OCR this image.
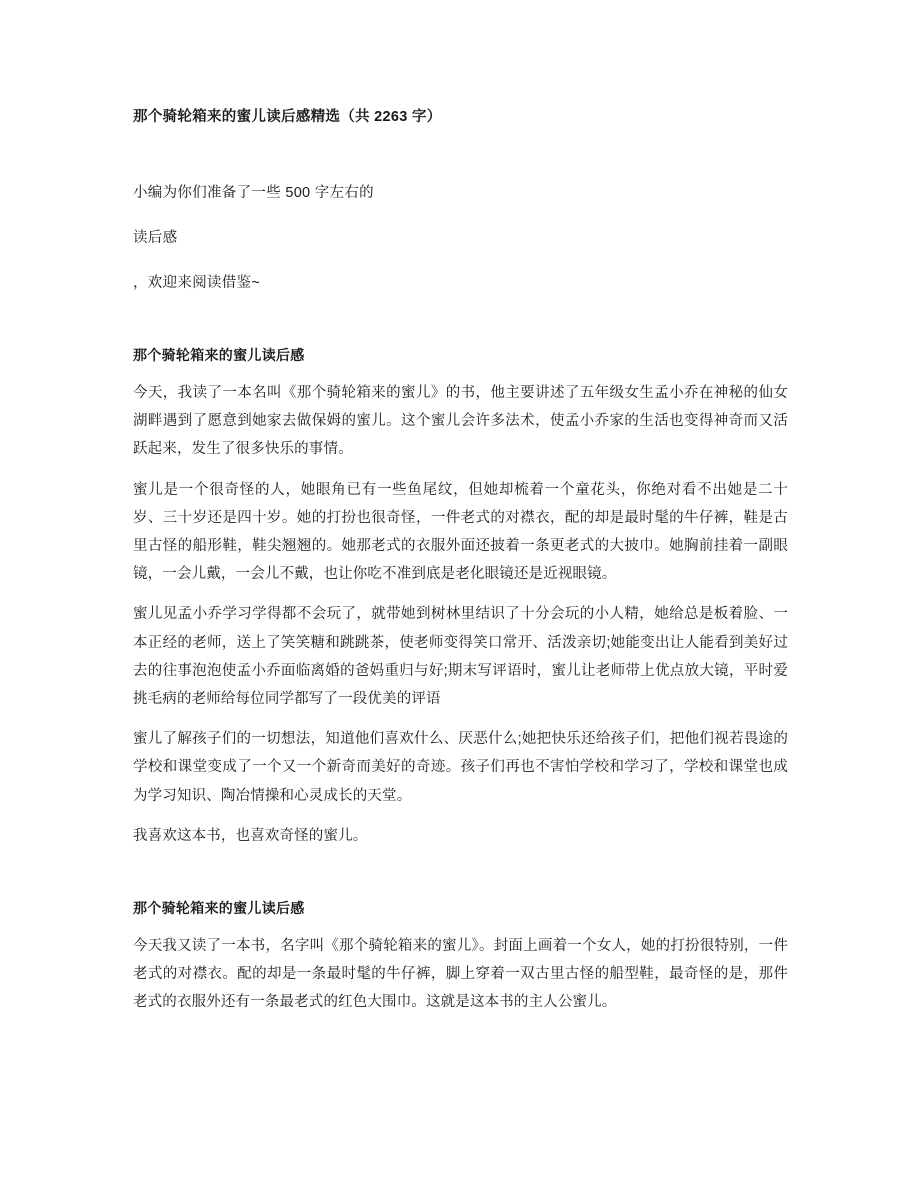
那个骑轮箱来的蜜儿读后感精选（共 2263 字）

小编为你们准备了一些 500 字左右的

读后感

，欢迎来阅读借鉴~

那个骑轮箱来的蜜儿读后感

今天，我读了一本名叫《那个骑轮箱来的蜜儿》的书，他主要讲述了五年级女生孟小乔在神秘的仙女湖畔遇到了愿意到她家去做保姆的蜜儿。这个蜜儿会许多法术，使孟小乔家的生活也变得神奇而又活跃起来，发生了很多快乐的事情。

蜜儿是一个很奇怪的人，她眼角已有一些鱼尾纹，但她却梳着一个童花头，你绝对看不出她是二十岁、三十岁还是四十岁。她的打扮也很奇怪，一件老式的对襟衣，配的却是最时髦的牛仔裤，鞋是古里古怪的船形鞋，鞋尖翘翘的。她那老式的衣服外面还披着一条更老式的大披巾。她胸前挂着一副眼镜，一会儿戴，一会儿不戴，也让你吃不准到底是老化眼镜还是近视眼镜。

蜜儿见孟小乔学习学得都不会玩了，就带她到树林里结识了十分会玩的小人精，她给总是板着脸、一本正经的老师，送上了笑笑糖和跳跳茶，使老师变得笑口常开、活泼亲切;她能变出让人能看到美好过去的往事泡泡使孟小乔面临离婚的爸妈重归与好;期末写评语时，蜜儿让老师带上优点放大镜，平时爱挑毛病的老师给每位同学都写了一段优美的评语

蜜儿了解孩子们的一切想法，知道他们喜欢什么、厌恶什么;她把快乐还给孩子们，把他们视若畏途的学校和课堂变成了一个又一个新奇而美好的奇迹。孩子们再也不害怕学校和学习了，学校和课堂也成为学习知识、陶冶情操和心灵成长的天堂。

我喜欢这本书，也喜欢奇怪的蜜儿。

那个骑轮箱来的蜜儿读后感

今天我又读了一本书，名字叫《那个骑轮箱来的蜜儿》。封面上画着一个女人，她的打扮很特别，一件老式的对襟衣。配的却是一条最时髦的牛仔裤，脚上穿着一双古里古怪的船型鞋，最奇怪的是，那件老式的衣服外还有一条最老式的红色大围巾。这就是这本书的主人公蜜儿。
